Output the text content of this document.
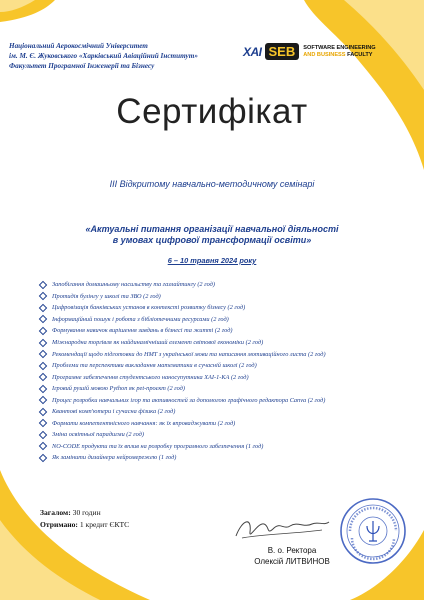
Національний Аерокосмічний Університет
ім. М. Є. Жуковського «Харківський Авіаційний Інститут»
Факультет Програмної Інженерії та Бізнесу
XAI SEB	SOFTWARE ENGINEERING
AND BUSINESS FACULTY
Сертифікат
III Відкритому навчально-методичному семінарі
«Актуальні питання організації навчальної діяльності
в умовах цифрової трансформації освіти»
6 – 10 травня 2024 року
Запобігання домашньому насильству та газлайтингу (2 год)
Протидія булінгу у школі та ЗВО (2 год)
Цифровізація банківських установ в контексті розвитку бізнесу (2 год)
Інформаційний пошук і робота з бібліотечними ресурсами (2 год)
Формування навичок вирішення завдань в бізнесі та житті (2 год)
Міжнародна торгівля як найдинамічніший елемент світової економіки (2 год)
Рекомендації щодо підготовки до НМТ з української мови та написання мотиваційного листа (2 год)
Проблеми та перспективи викладання математики в сучасній школі (2 год)
Програмне забезпечення студентського наносупутника ХАІ-1-КА (2 год)
Ігровий рушій мовою Python як pet-проєкт (2 год)
Процес розробки навчальних ігор та активностей за допомогою графічного редактора Canva (2 год)
Квантові комп'ютери і сучасна фізика (2 год)
Формати компетентнісного навчання: як їх впроваджувати (2 год)
Зміна освітньої парадигми (2 год)
NO-CODE продукти та їх вплив на розробку програмного забезпечення (1 год)
Як замінити дизайнера нейромережею (1 год)
Загалом: 30 годин
Отримано: 1 кредит ЄКТС
В. о. Ректора
Олексій ЛИТВИНОВ
